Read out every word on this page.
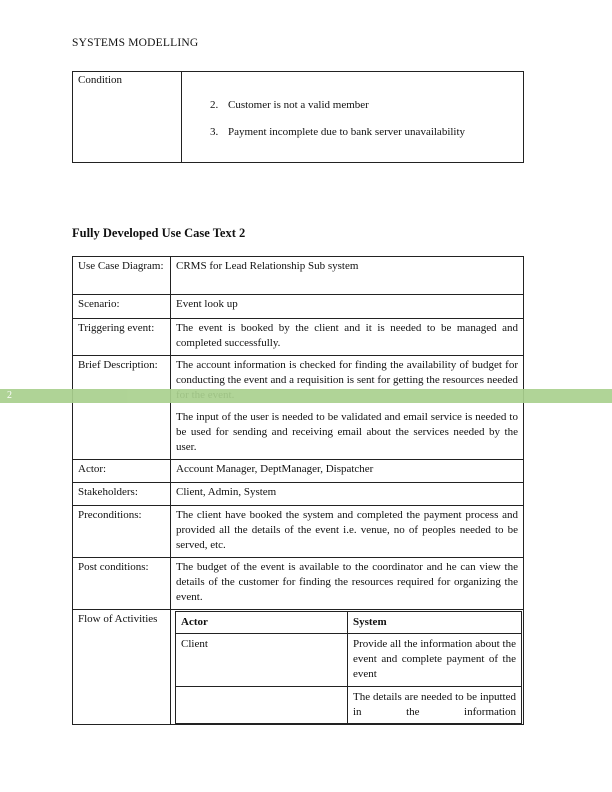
SYSTEMS MODELLING
Condition	
2. Customer is not a valid member
3. Payment incomplete due to bank server unavailability
Fully Developed Use Case Text 2
Use Case Diagram:	CRMS for Lead Relationship Sub system
Scenario:	Event look up
Triggering event:	The event is booked by the client and it is needed to be managed and completed successfully.
Brief Description:	The account information is checked for finding the availability of budget for conducting the event and a requisition is sent for getting the resources needed
The input of the user is needed to be validated and email service is needed to be used for sending and receiving email about the services needed by the user.

Actor:	Account Manager, DeptManager, Dispatcher
Stakeholders:	Client, Admin, System
Preconditions:	The client have booked the system and completed the payment process and provided all the details of the event i.e. venue, no of peoples needed to be served, etc.
Post conditions:	The budget of the event is available to the coordinator and he can view the details of the customer for finding the resources required for organizing the event.
Flow of Activities	Actor	System
Client	Provide all the information about the event and complete payment of the event
	The details are needed to be inputted in the information
2
